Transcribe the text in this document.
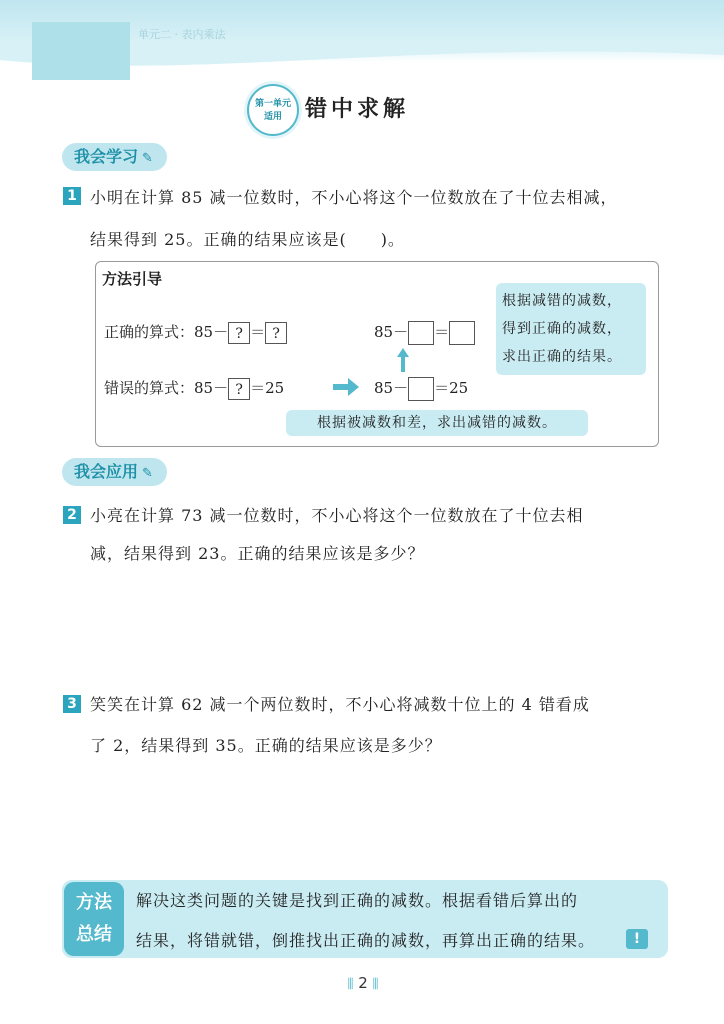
单元二 · 表内乘法
第一单元
适用	错中求解
我会学习 ✎
1 小明在计算 85 减一位数时，不小心将这个一位数放在了十位去相减，
结果得到 25。正确的结果应该是(　　)。
方法引导
正确的算式：85－ ? ＝ ?	85－ ＝
错误的算式：85－ ? ＝25	85－ ＝25
根据减错的减数，
得到正确的减数，
求出正确的结果。
根据被减数和差，求出减错的减数。
我会应用 ✎
2 小亮在计算 73 减一位数时，不小心将这个一位数放在了十位去相
减，结果得到 23。正确的结果应该是多少？
3 笑笑在计算 62 减一个两位数时，不小心将减数十位上的 4 错看成
了 2，结果得到 35。正确的结果应该是多少？
方法
总结
解决这类问题的关键是找到正确的减数。根据看错后算出的
结果，将错就错，倒推找出正确的减数，再算出正确的结果。	!
⫼ 2 ⫼
